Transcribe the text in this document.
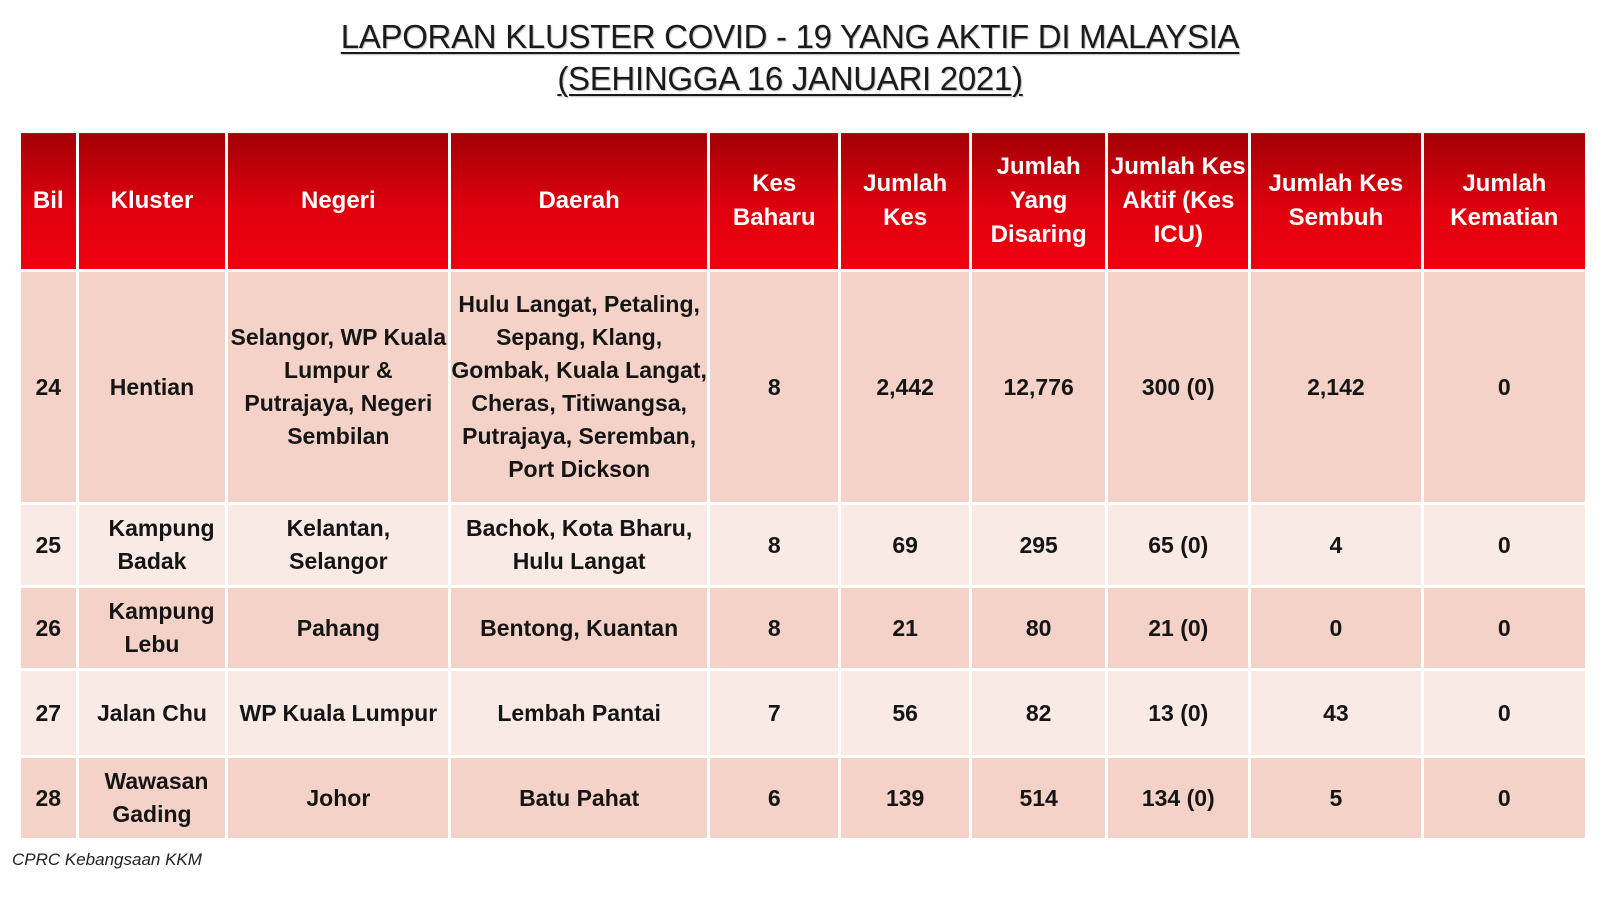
LAPORAN KLUSTER COVID - 19 YANG AKTIF DI MALAYSIA
(SEHINGGA 16 JANUARI 2021)
Bil	Kluster	Negeri	Daerah	Kes Baharu	Jumlah Kes	Jumlah Yang Disaring	Jumlah Kes Aktif (Kes ICU)	Jumlah Kes Sembuh	Jumlah Kematian
24	Hentian	Selangor, WP Kuala Lumpur & Putrajaya, Negeri Sembilan	Hulu Langat, Petaling, Sepang, Klang, Gombak, Kuala Langat, Cheras, Titiwangsa, Putrajaya, Seremban, Port Dickson	8	2,442	12,776	300 (0)	2,142	0
25	Kampung Badak	Kelantan, Selangor	Bachok, Kota Bharu, Hulu Langat	8	69	295	65 (0)	4	0
26	Kampung Lebu	Pahang	Bentong, Kuantan	8	21	80	21 (0)	0	0
27	Jalan Chu	WP Kuala Lumpur	Lembah Pantai	7	56	82	13 (0)	43	0
28	Wawasan Gading	Johor	Batu Pahat	6	139	514	134 (0)	5	0
CPRC Kebangsaan KKM
